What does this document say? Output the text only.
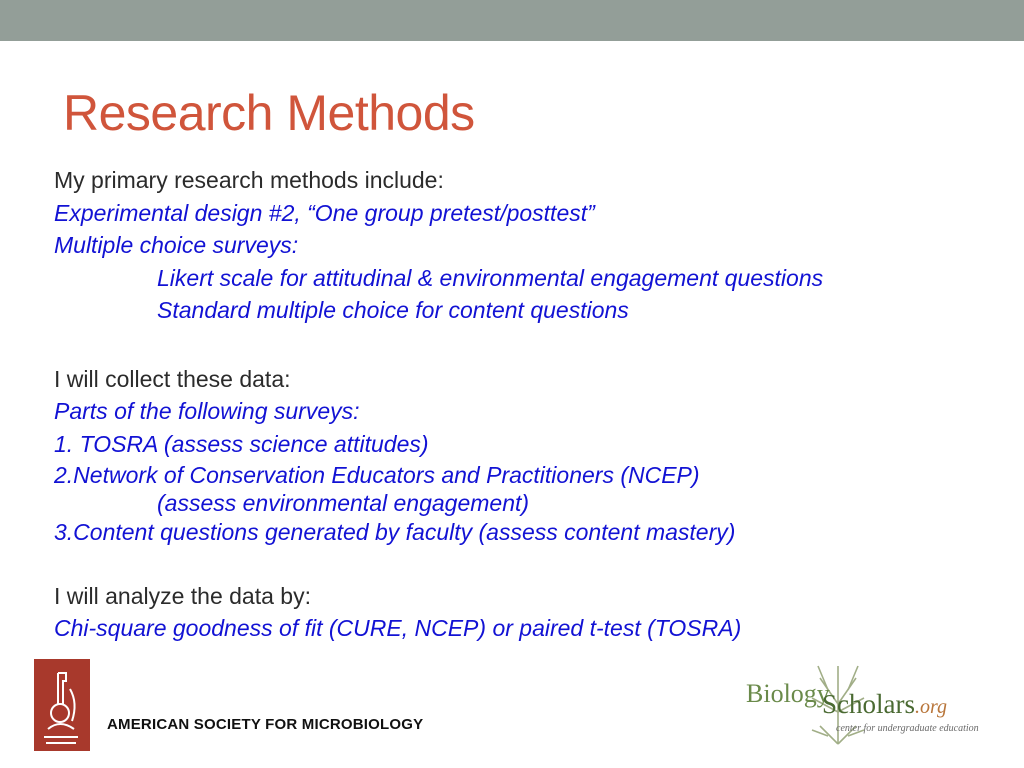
Research Methods
My primary research methods include:
Experimental design #2, “One group pretest/posttest”
Multiple choice surveys:
Likert scale for attitudinal & environmental engagement questions
Standard multiple choice for content questions
I will collect these data:
Parts of the following surveys:
1. TOSRA (assess science attitudes)
2.Network of Conservation Educators and Practitioners (NCEP)
(assess environmental engagement)
3.Content questions generated by faculty (assess content mastery)
I will analyze the data by:
Chi-square goodness of fit (CURE, NCEP) or paired t-test (TOSRA)
AMERICAN SOCIETY FOR MICROBIOLOGY
Biology
Scholars.org
center for undergraduate education
